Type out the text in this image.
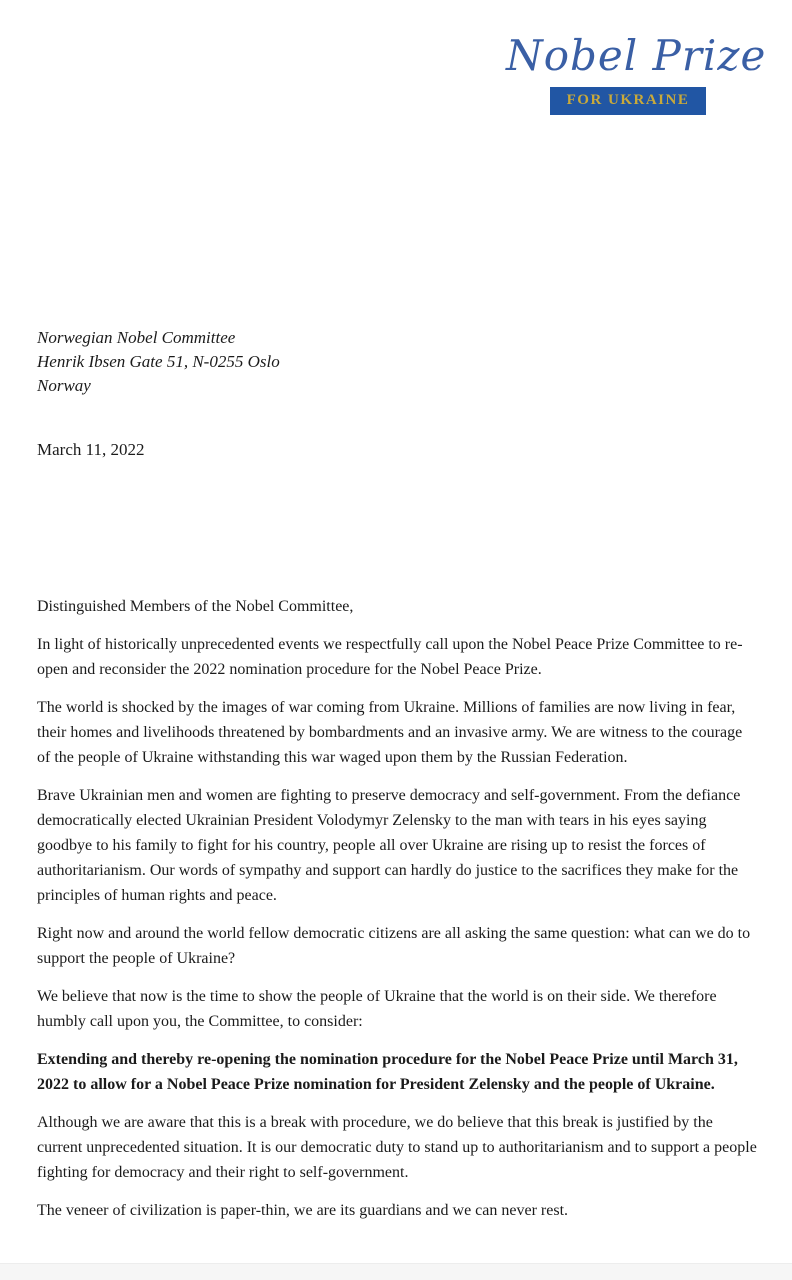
Nobel Prize
FOR UKRAINE
Norwegian Nobel Committee
Henrik Ibsen Gate 51, N-0255 Oslo
Norway
March 11, 2022

Distinguished Members of the Nobel Committee,

In light of historically unprecedented events we respectfully call upon the Nobel Peace Prize Committee to re-open and reconsider the 2022 nomination procedure for the Nobel Peace Prize.

The world is shocked by the images of war coming from Ukraine. Millions of families are now living in fear, their homes and livelihoods threatened by bombardments and an invasive army. We are witness to the courage of the people of Ukraine withstanding this war waged upon them by the Russian Federation.

Brave Ukrainian men and women are fighting to preserve democracy and self-government. From the defiance democratically elected Ukrainian President Volodymyr Zelensky to the man with tears in his eyes saying goodbye to his family to fight for his country, people all over Ukraine are rising up to resist the forces of authoritarianism. Our words of sympathy and support can hardly do justice to the sacrifices they make for the principles of human rights and peace.

Right now and around the world fellow democratic citizens are all asking the same question: what can we do to support the people of Ukraine?

We believe that now is the time to show the people of Ukraine that the world is on their side. We therefore humbly call upon you, the Committee, to consider:

Extending and thereby re-opening the nomination procedure for the Nobel Peace Prize until March 31, 2022 to allow for a Nobel Peace Prize nomination for President Zelensky and the people of Ukraine.

Although we are aware that this is a break with procedure, we do believe that this break is justified by the current unprecedented situation. It is our democratic duty to stand up to authoritarianism and to support a people fighting for democracy and their right to self-government.

The veneer of civilization is paper-thin, we are its guardians and we can never rest.
